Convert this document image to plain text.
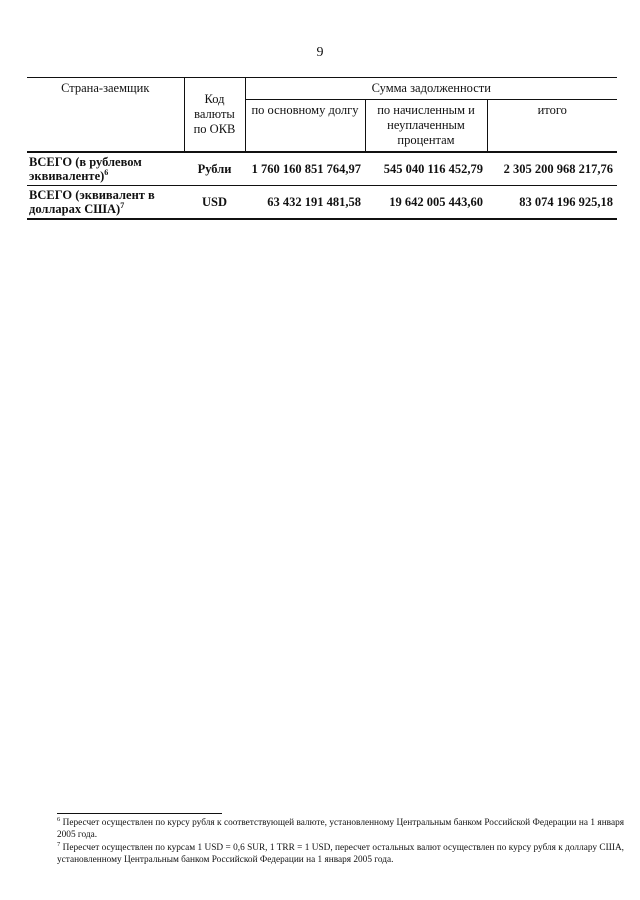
9
Страна-заемщик	Код валюты по ОКВ	Сумма задолженности		
		по основному долгу	по начисленным и неуплаченным процентам	итого
ВСЕГО (в рублевом эквиваленте)$^6$	Рубли	1 760 160 851 764,97	545 040 116 452,79	2 305 200 968 217,76
ВСЕГО (эквивалент в долларах США)$^7$	USD	63 432 191 481,58	19 642 005 443,60	83 074 196 925,18

$^6$ Пересчет осуществлен по курсу рубля к соответствующей валюте, установленному Центральным банком Российской Федерации на 1 января 2005 года.

$^7$ Пересчет осуществлен по курсам 1 USD = 0,6 SUR, 1 TRR = 1 USD, пересчет остальных валют осуществлен по курсу рубля к доллару США, установленному Центральным банком Российской Федерации на 1 января 2005 года.
